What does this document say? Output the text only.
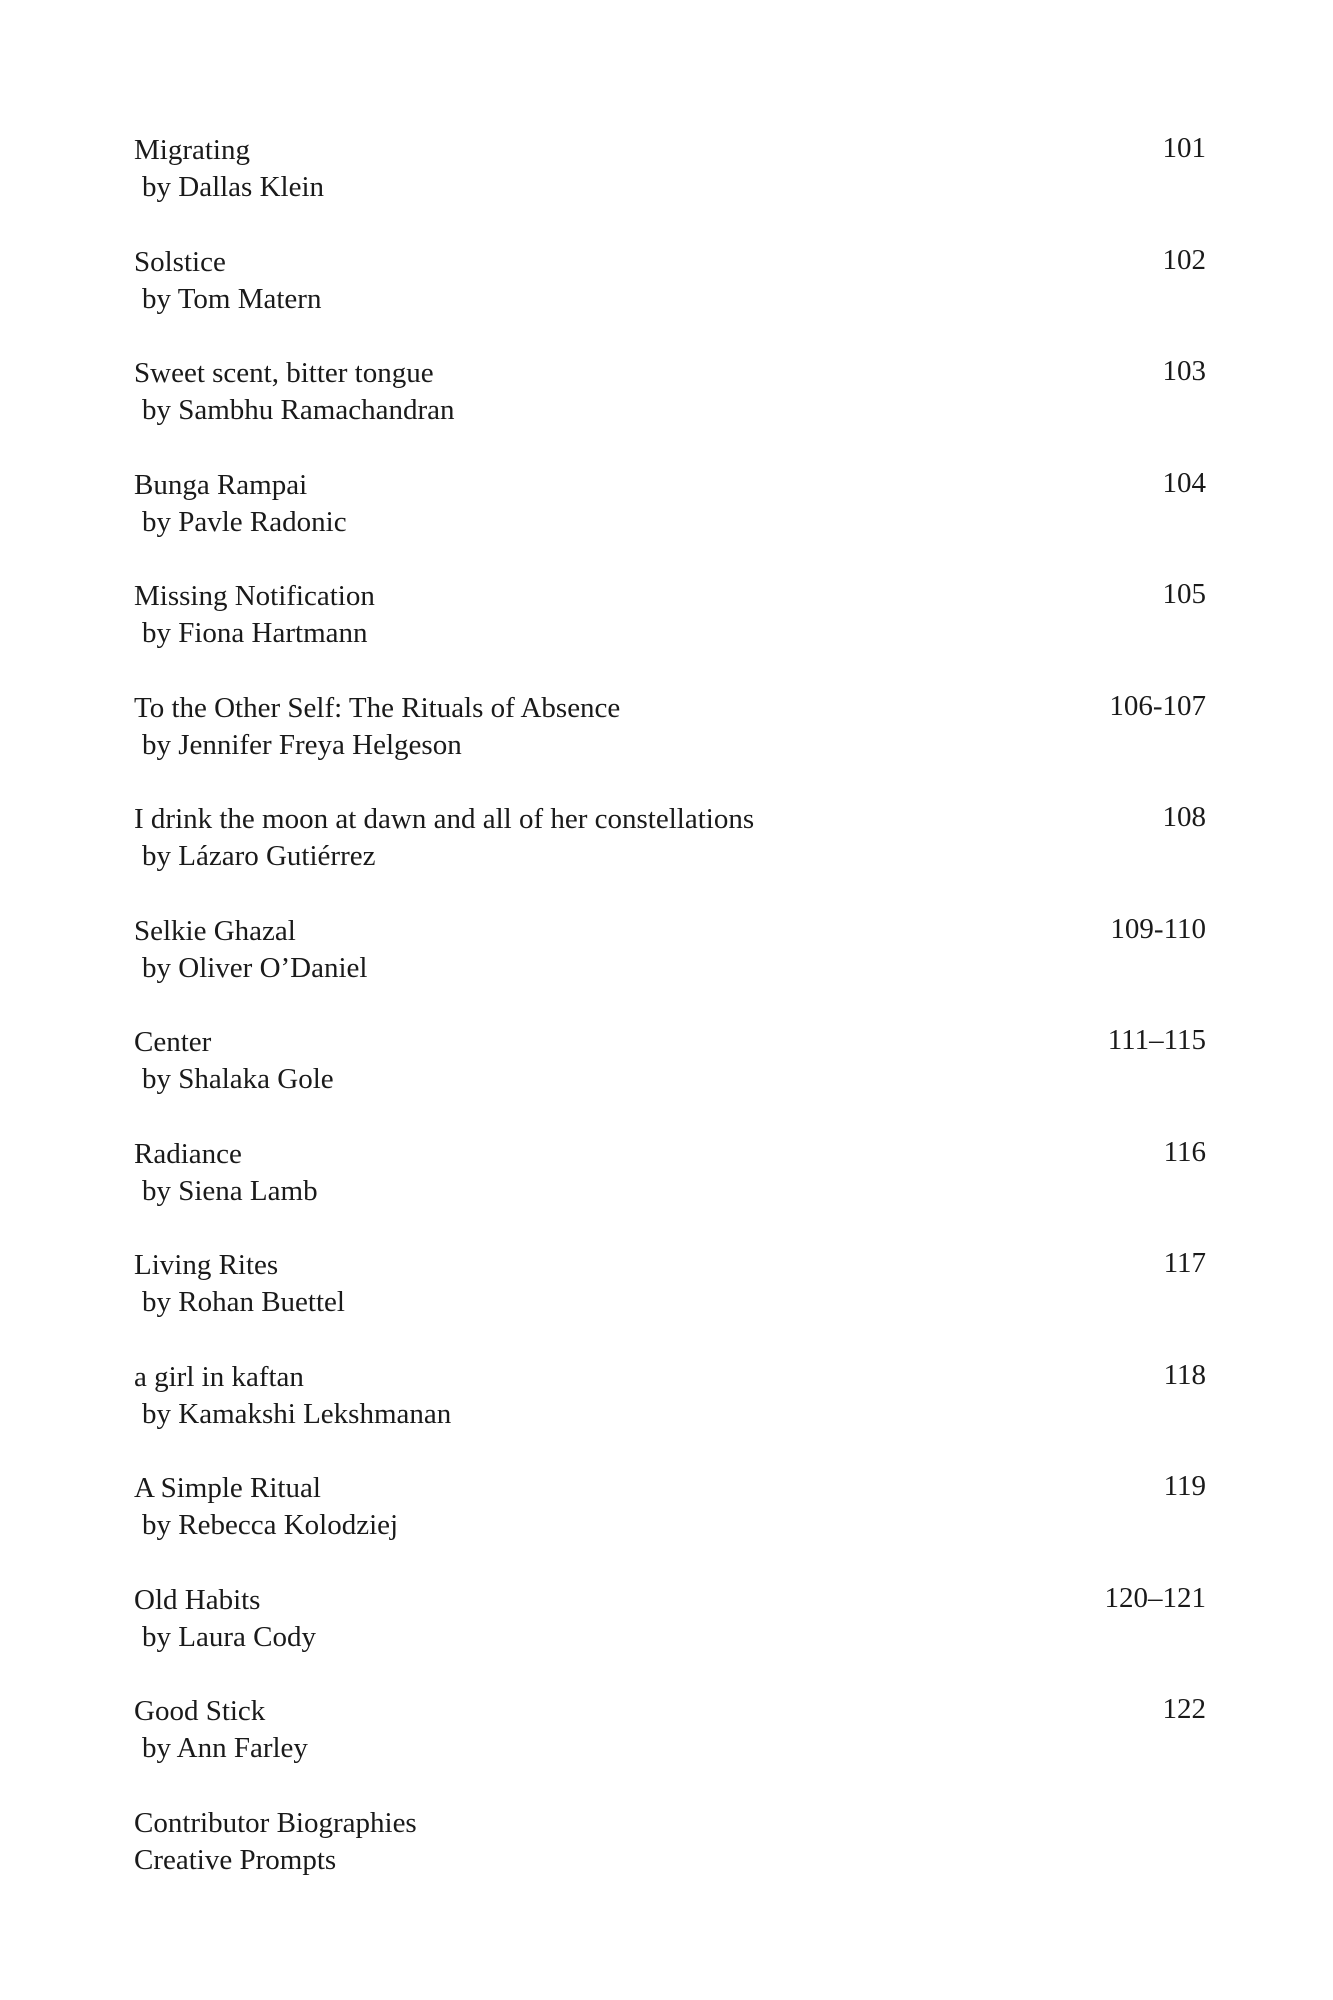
Migrating
by Dallas Klein
101
Solstice
by Tom Matern
102
Sweet scent, bitter tongue
by Sambhu Ramachandran
103
Bunga Rampai
by Pavle Radonic
104
Missing Notification
by Fiona Hartmann
105
To the Other Self: The Rituals of Absence
by Jennifer Freya Helgeson
106-107
I drink the moon at dawn and all of her constellations
by Lázaro Gutiérrez
108
Selkie Ghazal
by Oliver O’Daniel
109-110
Center
by Shalaka Gole
111–115
Radiance
by Siena Lamb
116
Living Rites
by Rohan Buettel
117
a girl in kaftan
by Kamakshi Lekshmanan
118
A Simple Ritual
by Rebecca Kolodziej
119
Old Habits
by Laura Cody
120–121
Good Stick
by Ann Farley
122
Contributor Biographies
Creative Prompts
